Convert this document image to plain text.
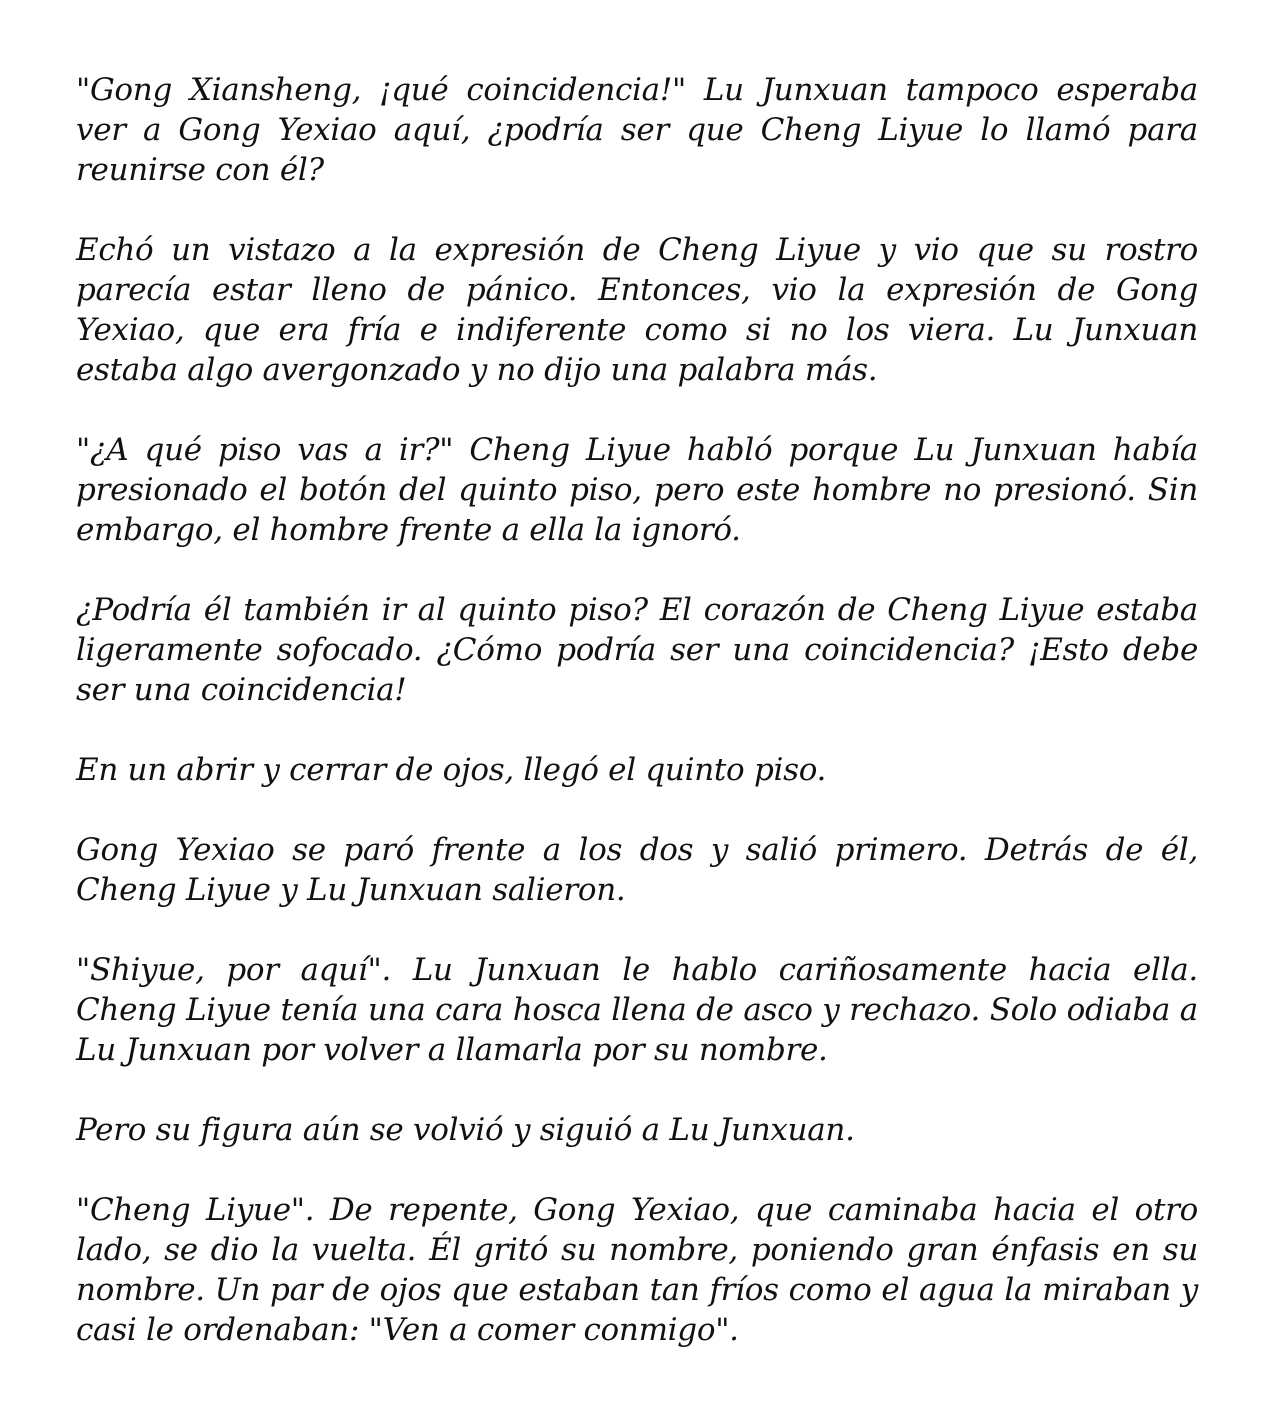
"Gong Xiansheng, ¡qué coincidencia!" Lu Junxuan tampoco esperaba ver a Gong Yexiao aquí, ¿podría ser que Cheng Liyue lo llamó para reunirse con él?

Echó un vistazo a la expresión de Cheng Liyue y vio que su rostro parecía estar lleno de pánico. Entonces, vio la expresión de Gong Yexiao, que era fría e indiferente como si no los viera. Lu Junxuan estaba algo avergonzado y no dijo una palabra más.

"¿A qué piso vas a ir?" Cheng Liyue habló porque Lu Junxuan había presionado el botón del quinto piso, pero este hombre no presionó. Sin embargo, el hombre frente a ella la ignoró.

¿Podría él también ir al quinto piso? El corazón de Cheng Liyue estaba ligeramente sofocado. ¿Cómo podría ser una coincidencia? ¡Esto debe ser una coincidencia!

En un abrir y cerrar de ojos, llegó el quinto piso.

Gong Yexiao se paró frente a los dos y salió primero. Detrás de él, Cheng Liyue y Lu Junxuan salieron.

"Shiyue, por aquí". Lu Junxuan le hablo cariñosamente hacia ella. Cheng Liyue tenía una cara hosca llena de asco y rechazo. Solo odiaba a Lu Junxuan por volver a llamarla por su nombre.

Pero su figura aún se volvió y siguió a Lu Junxuan.

"Cheng Liyue". De repente, Gong Yexiao, que caminaba hacia el otro lado, se dio la vuelta. Él gritó su nombre, poniendo gran énfasis en su nombre. Un par de ojos que estaban tan fríos como el agua la miraban y casi le ordenaban: "Ven a comer conmigo".
